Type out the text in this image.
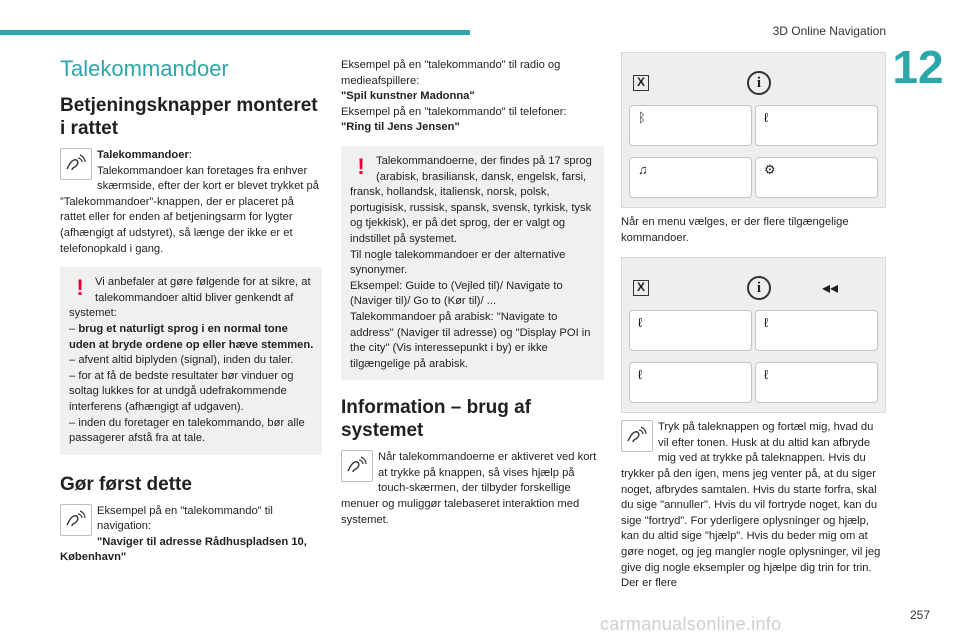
3D Online Navigation
12
Talekommandoer
Betjeningsknapper monteret i rattet

Talekommandoer:
Talekommandoer kan foretages fra enhver skærmside, efter der kort er blevet trykket på ”Talekommandoer”-knappen, der er placeret på rattet eller for enden af betjeningsarm for lygter (afhængigt af udstyret), så længe der ikke er et telefonopkald i gang.

!	Vi anbefaler at gøre følgende for at sikre, at talekommandoer altid bliver genkendt af systemet:

– brug et naturligt sprog i en normal tone uden at bryde ordene op eller hæve stemmen.

– afvent altid biplyden (signal), inden du taler.

– for at få de bedste resultater bør vinduer og soltag lukkes for at undgå udefrakommende interferens (afhængigt af udgaven).

– inden du foretager en talekommando, bør alle passagerer afstå fra at tale.

Gør først dette

Eksempel på en "talekommando" til navigation:

"Naviger til adresse Rådhuspladsen 10, København"

Eksempel på en "talekommando" til radio og medieafspillere:

"Spil kunstner Madonna"

Eksempel på en "talekommando" til telefoner:

"Ring til Jens Jensen"

!	Talekommandoerne, der findes på 17 sprog (arabisk, brasiliansk, dansk, engelsk, farsi, fransk, hollandsk, italiensk, norsk, polsk, portugisisk, russisk, spansk, svensk, tyrkisk, tysk og tjekkisk), er på det sprog, der er valgt og indstillet på systemet.

Til nogle talekommandoer er der alternative synonymer.

Eksempel: Guide to (Vejled til)/ Navigate to (Naviger til)/ Go to (Kør til)/ ...

Talekommandoer på arabisk: "Navigate to address" (Naviger til adresse) og "Display POI in the city" (Vis interessepunkt i by) er ikke tilgængelige på arabisk.

Information – brug af systemet

Når talekommandoerne er aktiveret ved kort at trykke på knappen, så vises hjælp på touch-skærmen, der tilbyder forskellige menuer og muliggør talebaseret interaktion med systemet.

X	i
ᛒ	ℓ
♫	⚙

Når en menu vælges, er der flere tilgængelige kommandoer.

X	i	◂◂
ℓ	ℓ
ℓ	ℓ

Tryk på taleknappen og fortæl mig, hvad du vil efter tonen. Husk at du altid kan afbryde mig ved at trykke på taleknappen. Hvis du trykker på den igen, mens jeg venter på, at du siger noget, afbrydes samtalen. Hvis du starte forfra, skal du sige "annuller". Hvis du vil fortryde noget, kan du sige "fortryd". For yderligere oplysninger og hjælp, kan du altid sige "hjælp". Hvis du beder mig om at gøre noget, og jeg mangler nogle oplysninger, vil jeg give dig nogle eksempler og hjælpe dig trin for trin. Der er flere

carmanualsonline.info	257
